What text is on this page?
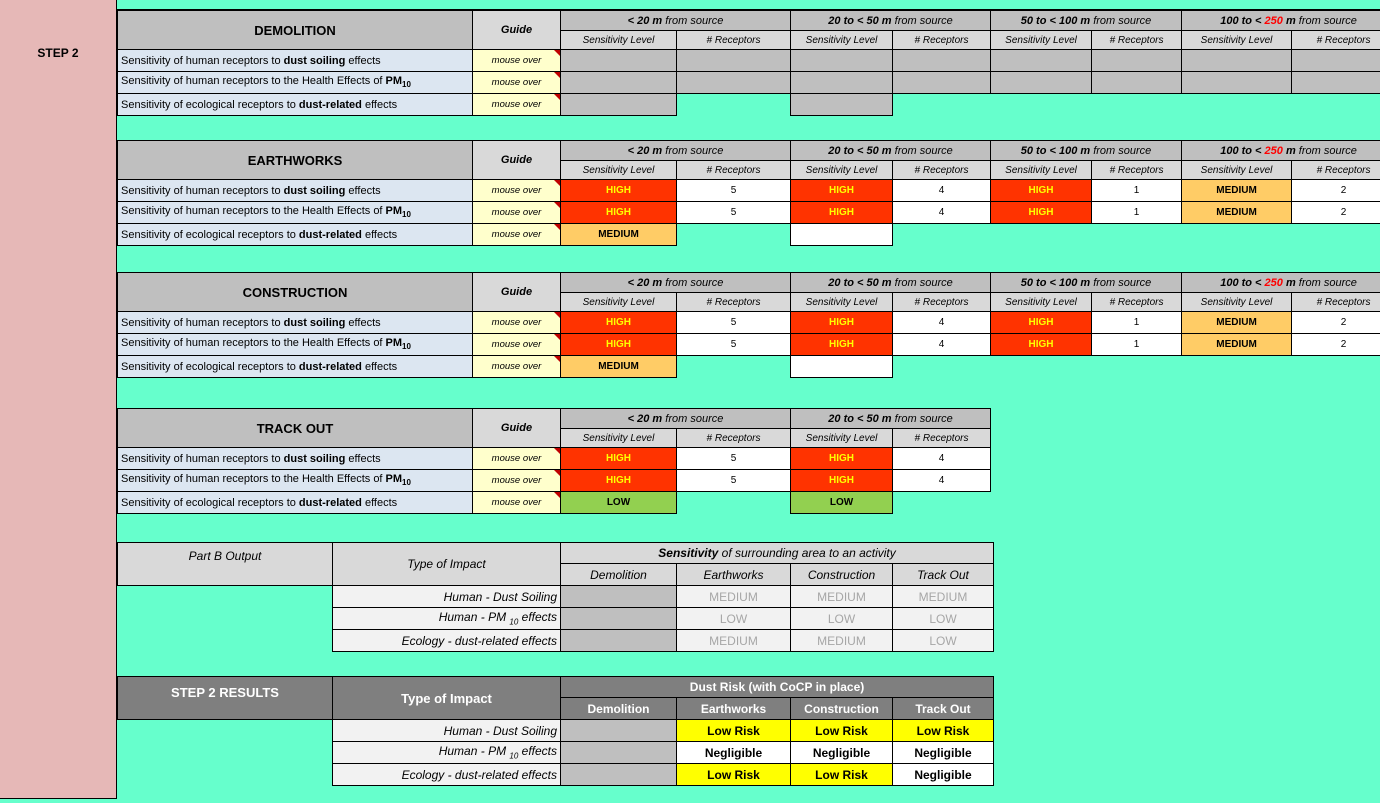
STEP 2
DEMOLITION	Guide	< 20 m from source		20 to < 50 m from source		50 to < 100 m from source		100 to < 250 m from source	
		Sensitivity Level	# Receptors	Sensitivity Level	# Receptors	Sensitivity Level	# Receptors	Sensitivity Level	# Receptors
Sensitivity of human receptors to dust soiling effects	mouse over								
Sensitivity of human receptors to the Health Effects of $PM_{10}$	mouse over								
Sensitivity of ecological receptors to dust-related effects	mouse over								
EARTHWORKS	Guide	< 20 m from source		20 to < 50 m from source		50 to < 100 m from source		100 to < 250 m from source	
		Sensitivity Level	# Receptors	Sensitivity Level	# Receptors	Sensitivity Level	# Receptors	Sensitivity Level	# Receptors
Sensitivity of human receptors to dust soiling effects	mouse over	HIGH	5	HIGH	4	HIGH	1	MEDIUM	2
Sensitivity of human receptors to the Health Effects of $PM_{10}$	mouse over	HIGH	5	HIGH	4	HIGH	1	MEDIUM	2
Sensitivity of ecological receptors to dust-related effects	mouse over	MEDIUM							
CONSTRUCTION	Guide	< 20 m from source		20 to < 50 m from source		50 to < 100 m from source		100 to < 250 m from source	
		Sensitivity Level	# Receptors	Sensitivity Level	# Receptors	Sensitivity Level	# Receptors	Sensitivity Level	# Receptors
Sensitivity of human receptors to dust soiling effects	mouse over	HIGH	5	HIGH	4	HIGH	1	MEDIUM	2
Sensitivity of human receptors to the Health Effects of $PM_{10}$	mouse over	HIGH	5	HIGH	4	HIGH	1	MEDIUM	2
Sensitivity of ecological receptors to dust-related effects	mouse over	MEDIUM							
TRACK OUT	Guide	< 20 m from source		20 to < 50 m from source	
		Sensitivity Level	# Receptors	Sensitivity Level	# Receptors
Sensitivity of human receptors to dust soiling effects	mouse over	HIGH	5	HIGH	4
Sensitivity of human receptors to the Health Effects of $PM_{10}$	mouse over	HIGH	5	HIGH	4
Sensitivity of ecological receptors to dust-related effects	mouse over	LOW		LOW	
Part B Output	Type of Impact	Sensitivity of surrounding area to an activity			
		Demolition	Earthworks	Construction	Track Out
	Human - Dust Soiling		MEDIUM	MEDIUM	MEDIUM
	Human - PM $_{10}$ effects		LOW	LOW	LOW
	Ecology - dust-related effects		MEDIUM	MEDIUM	LOW
STEP 2 RESULTS	Type of Impact	Dust Risk (with CoCP in place)			
		Demolition	Earthworks	Construction	Track Out
	Human - Dust Soiling		Low Risk	Low Risk	Low Risk
	Human - PM $_{10}$ effects		Negligible	Negligible	Negligible
	Ecology - dust-related effects		Low Risk	Low Risk	Negligible
